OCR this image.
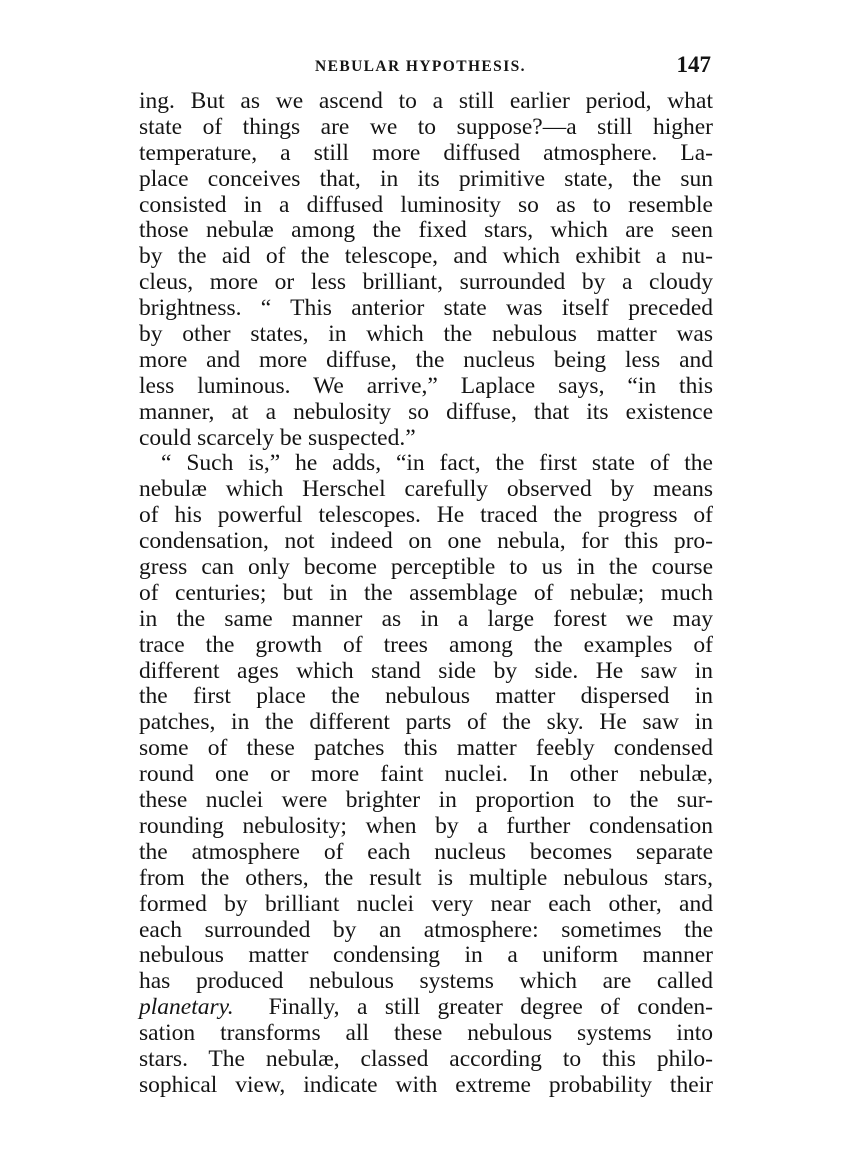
NEBULAR HYPOTHESIS.	147
ing. But as we ascend to a still earlier period, what
state of things are we to suppose?—a still higher
temperature, a still more diffused atmosphere. La-
place conceives that, in its primitive state, the sun
consisted in a diffused luminosity so as to resemble
those nebulæ among the fixed stars, which are seen
by the aid of the telescope, and which exhibit a nu-
cleus, more or less brilliant, surrounded by a cloudy
brightness. “ This anterior state was itself preceded
by other states, in which the nebulous matter was
more and more diffuse, the nucleus being less and
less luminous. We arrive,” Laplace says, “in this
manner, at a nebulosity so diffuse, that its existence
could scarcely be suspected.”
“ Such is,” he adds, “in fact, the first state of the
nebulæ which Herschel carefully observed by means
of his powerful telescopes. He traced the progress of
condensation, not indeed on one nebula, for this pro-
gress can only become perceptible to us in the course
of centuries; but in the assemblage of nebulæ; much
in the same manner as in a large forest we may
trace the growth of trees among the examples of
different ages which stand side by side. He saw in
the first place the nebulous matter dispersed in
patches, in the different parts of the sky. He saw in
some of these patches this matter feebly condensed
round one or more faint nuclei. In other nebulæ,
these nuclei were brighter in proportion to the sur-
rounding nebulosity; when by a further condensation
the atmosphere of each nucleus becomes separate
from the others, the result is multiple nebulous stars,
formed by brilliant nuclei very near each other, and
each surrounded by an atmosphere: sometimes the
nebulous matter condensing in a uniform manner
has produced nebulous systems which are called
planetary. Finally, a still greater degree of conden-
sation transforms all these nebulous systems into
stars. The nebulæ, classed according to this philo-
sophical view, indicate with extreme probability their
